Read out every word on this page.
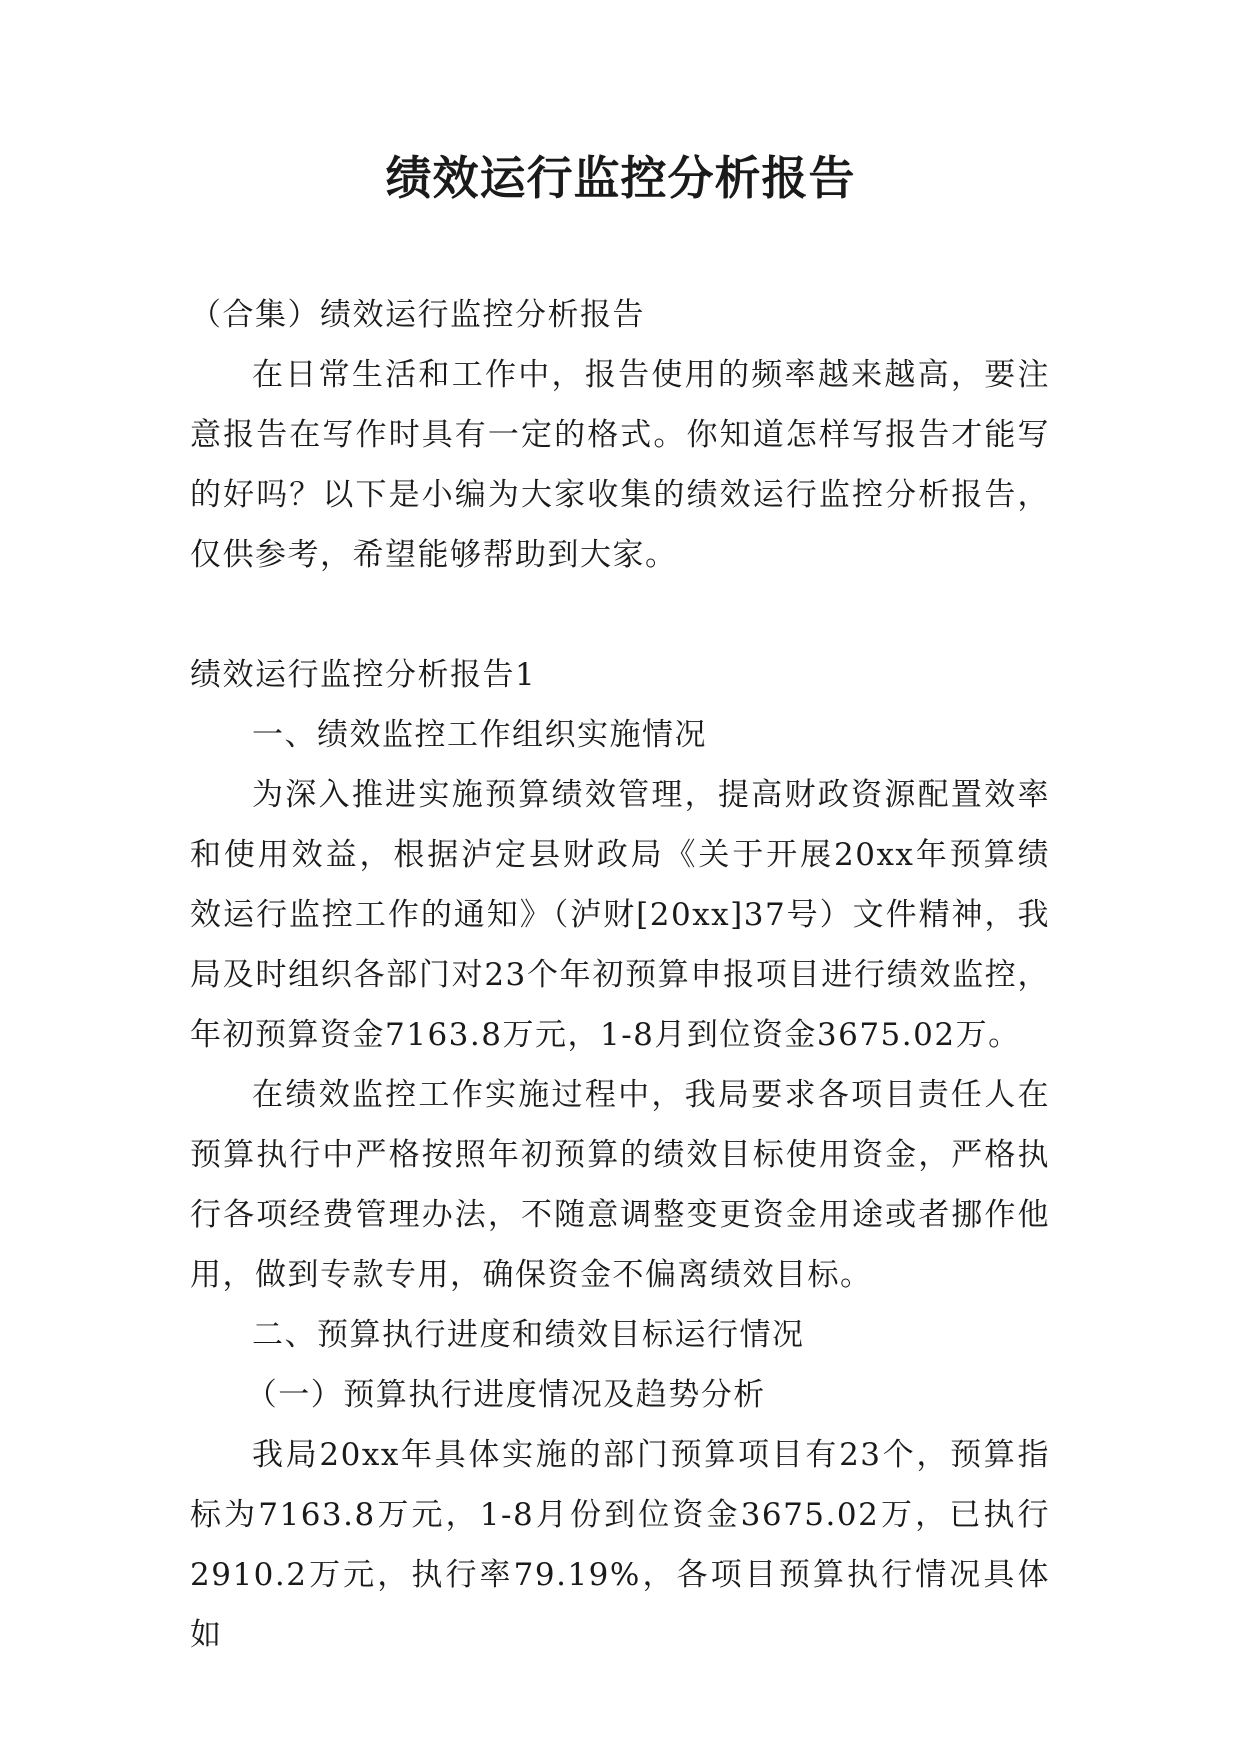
绩效运行监控分析报告

（合集）绩效运行监控分析报告

在日常生活和工作中，报告使用的频率越来越高，要注意报告在写作时具有一定的格式。你知道怎样写报告才能写的好吗？以下是小编为大家收集的绩效运行监控分析报告，仅供参考，希望能够帮助到大家。

绩效运行监控分析报告1

一、绩效监控工作组织实施情况

为深入推进实施预算绩效管理，提高财政资源配置效率和使用效益，根据泸定县财政局《关于开展20xx年预算绩效运行监控工作的通知》（泸财[20xx]37号）文件精神，我局及时组织各部门对23个年初预算申报项目进行绩效监控，年初预算资金7163.8万元，1-8月到位资金3675.02万。

在绩效监控工作实施过程中，我局要求各项目责任人在预算执行中严格按照年初预算的绩效目标使用资金，严格执行各项经费管理办法，不随意调整变更资金用途或者挪作他用，做到专款专用，确保资金不偏离绩效目标。

二、预算执行进度和绩效目标运行情况

（一）预算执行进度情况及趋势分析

我局20xx年具体实施的部门预算项目有23个，预算指标为7163.8万元，1-8月份到位资金3675.02万，已执行2910.2万元，执行率79.19%，各项目预算执行情况具体如
